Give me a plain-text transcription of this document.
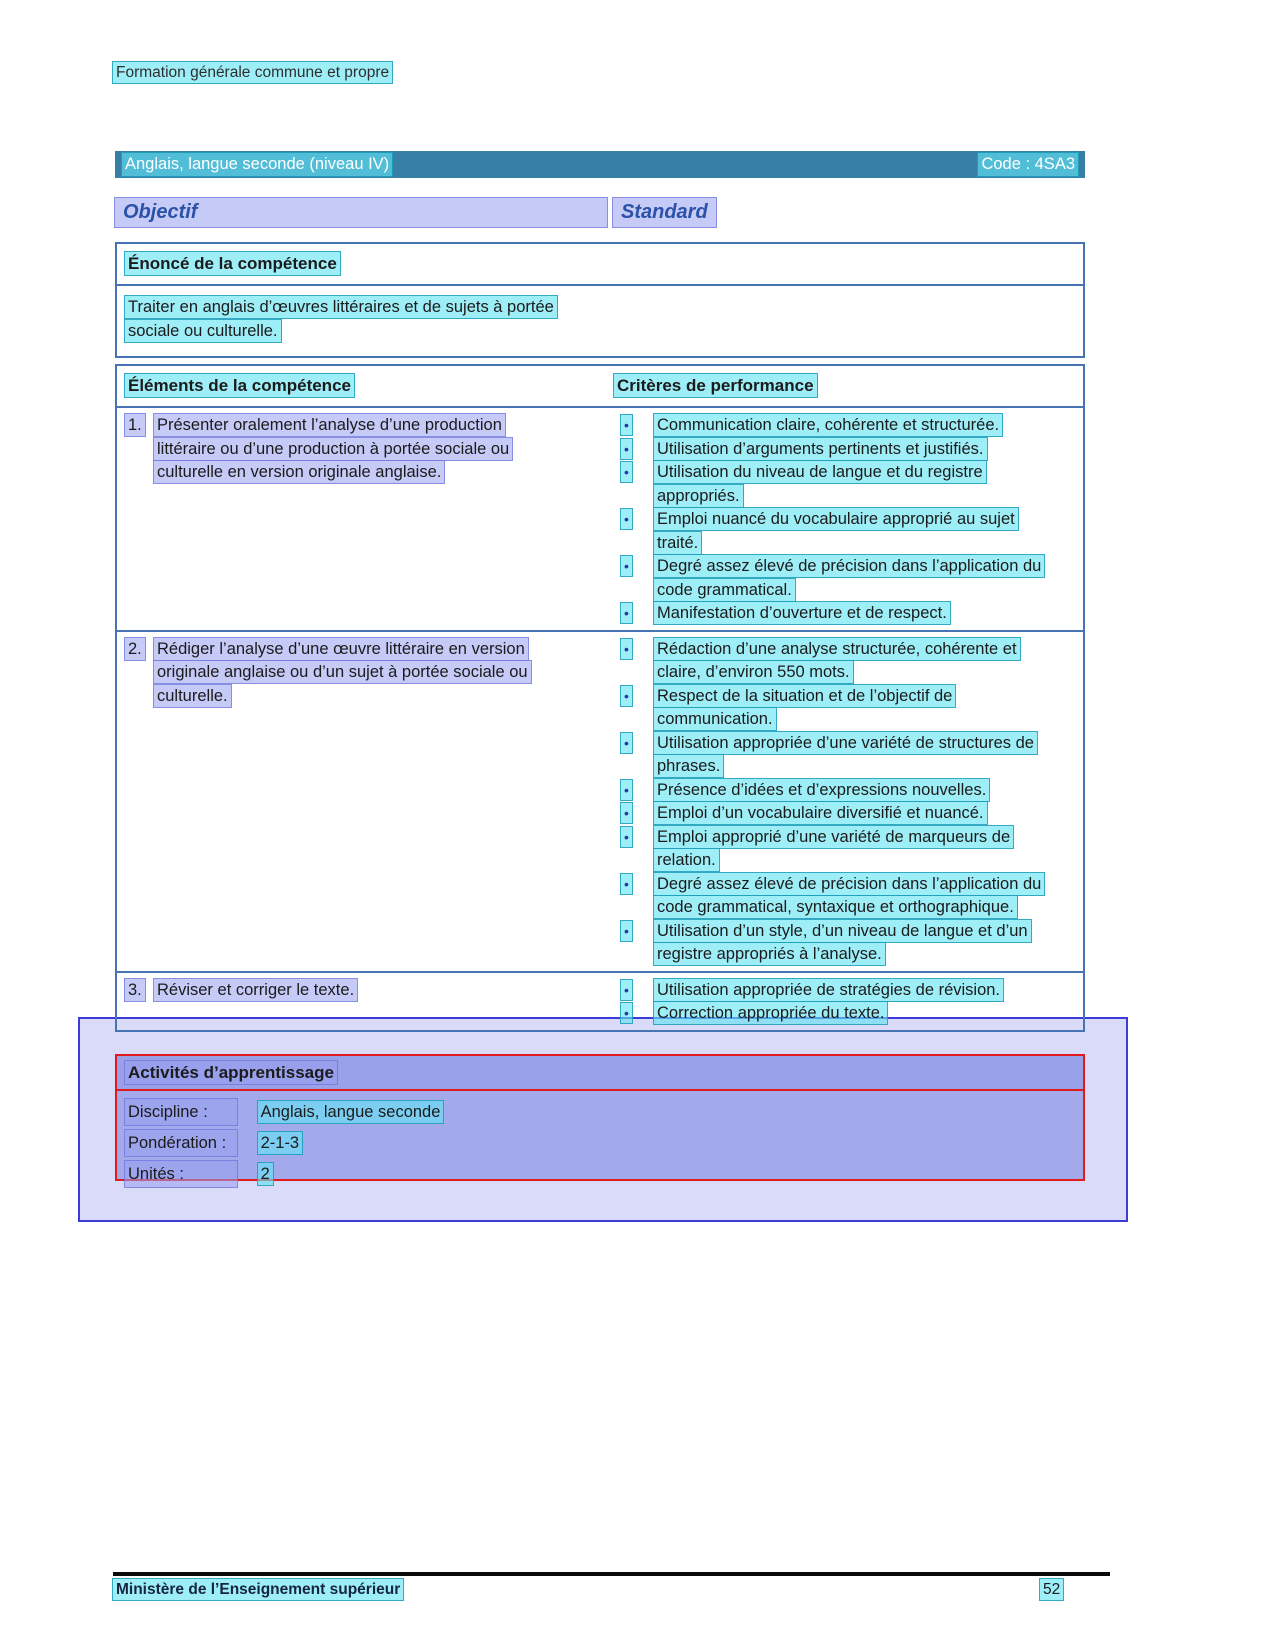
Formation générale commune et propre
Anglais, langue seconde (niveau IV)	Code : 4SA3
Objectif	Standard
Énoncé de la compétence
Traiter en anglais d’œuvres littéraires et de sujets à portée sociale ou culturelle.
Éléments de la compétence	Critères de performance
1. Présenter oralement l’analyse d’une production littéraire ou d’une production à portée sociale ou culturelle en version originale anglaise.
•	Communication claire, cohérente et structurée.
•	Utilisation d’arguments pertinents et justifiés.
•	Utilisation du niveau de langue et du registre appropriés.
•	Emploi nuancé du vocabulaire approprié au sujet traité.
•	Degré assez élevé de précision dans l’application du code grammatical.
•	Manifestation d’ouverture et de respect.
2. Rédiger l’analyse d’une œuvre littéraire en version originale anglaise ou d’un sujet à portée sociale ou culturelle.
•	Rédaction d’une analyse structurée, cohérente et claire, d’environ 550 mots.
•	Respect de la situation et de l’objectif de communication.
•	Utilisation appropriée d’une variété de structures de phrases.
•	Présence d’idées et d’expressions nouvelles.
•	Emploi d’un vocabulaire diversifié et nuancé.
•	Emploi approprié d’une variété de marqueurs de relation.
•	Degré assez élevé de précision dans l’application du code grammatical, syntaxique et orthographique.
•	Utilisation d’un style, d’un niveau de langue et d’un registre appropriés à l’analyse.
3. Réviser et corriger le texte.	•	Utilisation appropriée de stratégies de révision.
•	Correction appropriée du texte.
Activités d’apprentissage
Discipline :	Anglais, langue seconde
Pondération : 2-1-3
Unités :	2
Ministère de l’Enseignement supérieur	52
